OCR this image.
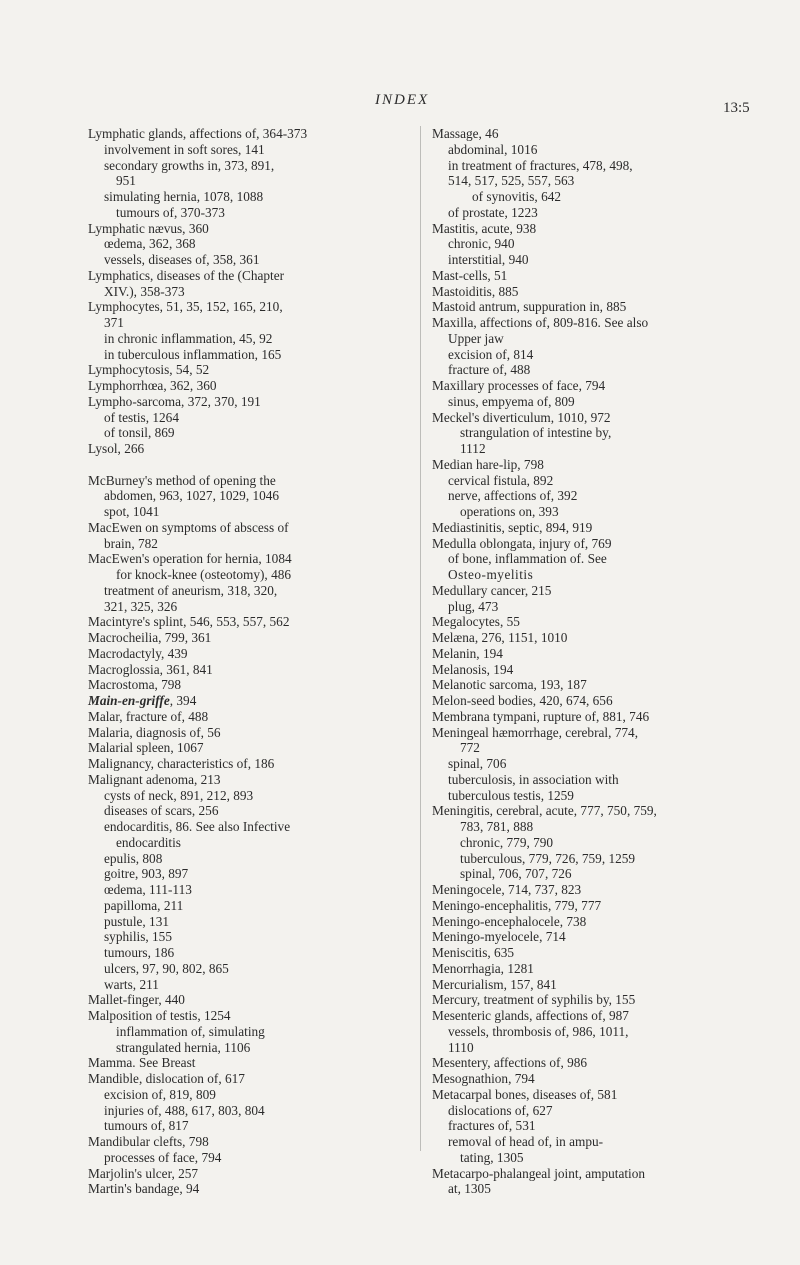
INDEX	13:5
Lymphatic glands, affections of, 364-373
involvement in soft sores, 141
secondary growths in, 373, 891,
951
simulating hernia, 1078, 1088
tumours of, 370-373
Lymphatic nævus, 360
œdema, 362, 368
vessels, diseases of, 358, 361
Lymphatics, diseases of the (Chapter
XIV.), 358-373
Lymphocytes, 51, 35, 152, 165, 210,
371
in chronic inflammation, 45, 92
in tuberculous inflammation, 165
Lymphocytosis, 54, 52
Lymphorrhœa, 362, 360
Lympho-sarcoma, 372, 370, 191
of testis, 1264
of tonsil, 869
Lysol, 266
McBurney's method of opening the
abdomen, 963, 1027, 1029, 1046
spot, 1041
MacEwen on symptoms of abscess of
brain, 782
MacEwen's operation for hernia, 1084
for knock-knee (osteotomy), 486
treatment of aneurism, 318, 320,
321, 325, 326
Macintyre's splint, 546, 553, 557, 562
Macrocheilia, 799, 361
Macrodactyly, 439
Macroglossia, 361, 841
Macrostoma, 798
Main-en-griffe, 394
Malar, fracture of, 488
Malaria, diagnosis of, 56
Malarial spleen, 1067
Malignancy, characteristics of, 186
Malignant adenoma, 213
cysts of neck, 891, 212, 893
diseases of scars, 256
endocarditis, 86. See also Infective
endocarditis
epulis, 808
goitre, 903, 897
œdema, 111-113
papilloma, 211
pustule, 131
syphilis, 155
tumours, 186
ulcers, 97, 90, 802, 865
warts, 211
Mallet-finger, 440
Malposition of testis, 1254
inflammation of, simulating
strangulated hernia, 1106
Mamma. See Breast
Mandible, dislocation of, 617
excision of, 819, 809
injuries of, 488, 617, 803, 804
tumours of, 817
Mandibular clefts, 798
processes of face, 794
Marjolin's ulcer, 257
Martin's bandage, 94
Massage, 46
abdominal, 1016
in treatment of fractures, 478, 498,
514, 517, 525, 557, 563
of synovitis, 642
of prostate, 1223
Mastitis, acute, 938
chronic, 940
interstitial, 940
Mast-cells, 51
Mastoiditis, 885
Mastoid antrum, suppuration in, 885
Maxilla, affections of, 809-816. See also
Upper jaw
excision of, 814
fracture of, 488
Maxillary processes of face, 794
sinus, empyema of, 809
Meckel's diverticulum, 1010, 972
strangulation of intestine by,
1112
Median hare-lip, 798
cervical fistula, 892
nerve, affections of, 392
operations on, 393
Mediastinitis, septic, 894, 919
Medulla oblongata, injury of, 769
of bone, inflammation of. See
Osteo-myelitis
Medullary cancer, 215
plug, 473
Megalocytes, 55
Melæna, 276, 1151, 1010
Melanin, 194
Melanosis, 194
Melanotic sarcoma, 193, 187
Melon-seed bodies, 420, 674, 656
Membrana tympani, rupture of, 881, 746
Meningeal hæmorrhage, cerebral, 774,
772
spinal, 706
tuberculosis, in association with
tuberculous testis, 1259
Meningitis, cerebral, acute, 777, 750, 759,
783, 781, 888
chronic, 779, 790
tuberculous, 779, 726, 759, 1259
spinal, 706, 707, 726
Meningocele, 714, 737, 823
Meningo-encephalitis, 779, 777
Meningo-encephalocele, 738
Meningo-myelocele, 714
Meniscitis, 635
Menorrhagia, 1281
Mercurialism, 157, 841
Mercury, treatment of syphilis by, 155
Mesenteric glands, affections of, 987
vessels, thrombosis of, 986, 1011,
1110
Mesentery, affections of, 986
Mesognathion, 794
Metacarpal bones, diseases of, 581
dislocations of, 627
fractures of, 531
removal of head of, in ampu-
tating, 1305
Metacarpo-phalangeal joint, amputation
at, 1305
